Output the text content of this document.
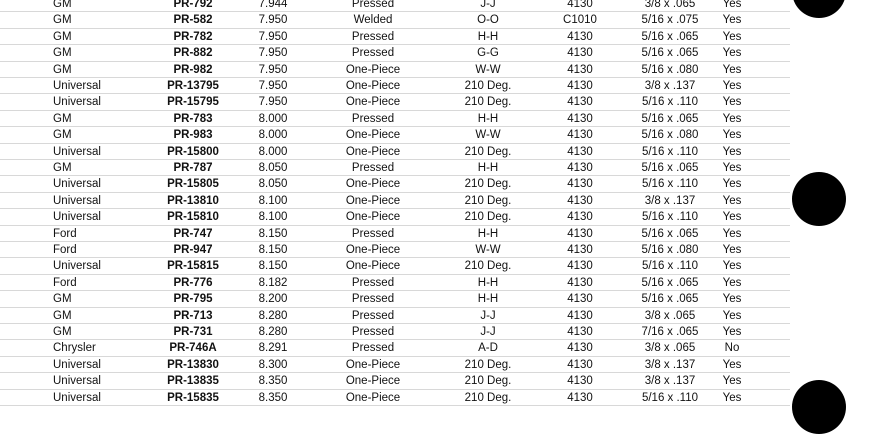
GM	PR-792	7.944	Pressed	J-J	4130	3/8 x .065	Yes
GM	PR-582	7.950	Welded	O-O	C1010	5/16 x .075	Yes
GM	PR-782	7.950	Pressed	H-H	4130	5/16 x .065	Yes
GM	PR-882	7.950	Pressed	G-G	4130	5/16 x .065	Yes
GM	PR-982	7.950	One-Piece	W-W	4130	5/16 x .080	Yes
Universal	PR-13795	7.950	One-Piece	210 Deg.	4130	3/8 x .137	Yes
Universal	PR-15795	7.950	One-Piece	210 Deg.	4130	5/16 x .110	Yes
GM	PR-783	8.000	Pressed	H-H	4130	5/16 x .065	Yes
GM	PR-983	8.000	One-Piece	W-W	4130	5/16 x .080	Yes
Universal	PR-15800	8.000	One-Piece	210 Deg.	4130	5/16 x .110	Yes
GM	PR-787	8.050	Pressed	H-H	4130	5/16 x .065	Yes
Universal	PR-15805	8.050	One-Piece	210 Deg.	4130	5/16 x .110	Yes
Universal	PR-13810	8.100	One-Piece	210 Deg.	4130	3/8 x .137	Yes
Universal	PR-15810	8.100	One-Piece	210 Deg.	4130	5/16 x .110	Yes
Ford	PR-747	8.150	Pressed	H-H	4130	5/16 x .065	Yes
Ford	PR-947	8.150	One-Piece	W-W	4130	5/16 x .080	Yes
Universal	PR-15815	8.150	One-Piece	210 Deg.	4130	5/16 x .110	Yes
Ford	PR-776	8.182	Pressed	H-H	4130	5/16 x .065	Yes
GM	PR-795	8.200	Pressed	H-H	4130	5/16 x .065	Yes
GM	PR-713	8.280	Pressed	J-J	4130	3/8 x .065	Yes
GM	PR-731	8.280	Pressed	J-J	4130	7/16 x .065	Yes
Chrysler	PR-746A	8.291	Pressed	A-D	4130	3/8 x .065	No
Universal	PR-13830	8.300	One-Piece	210 Deg.	4130	3/8 x .137	Yes
Universal	PR-13835	8.350	One-Piece	210 Deg.	4130	3/8 x .137	Yes
Universal	PR-15835	8.350	One-Piece	210 Deg.	4130	5/16 x .110	Yes
